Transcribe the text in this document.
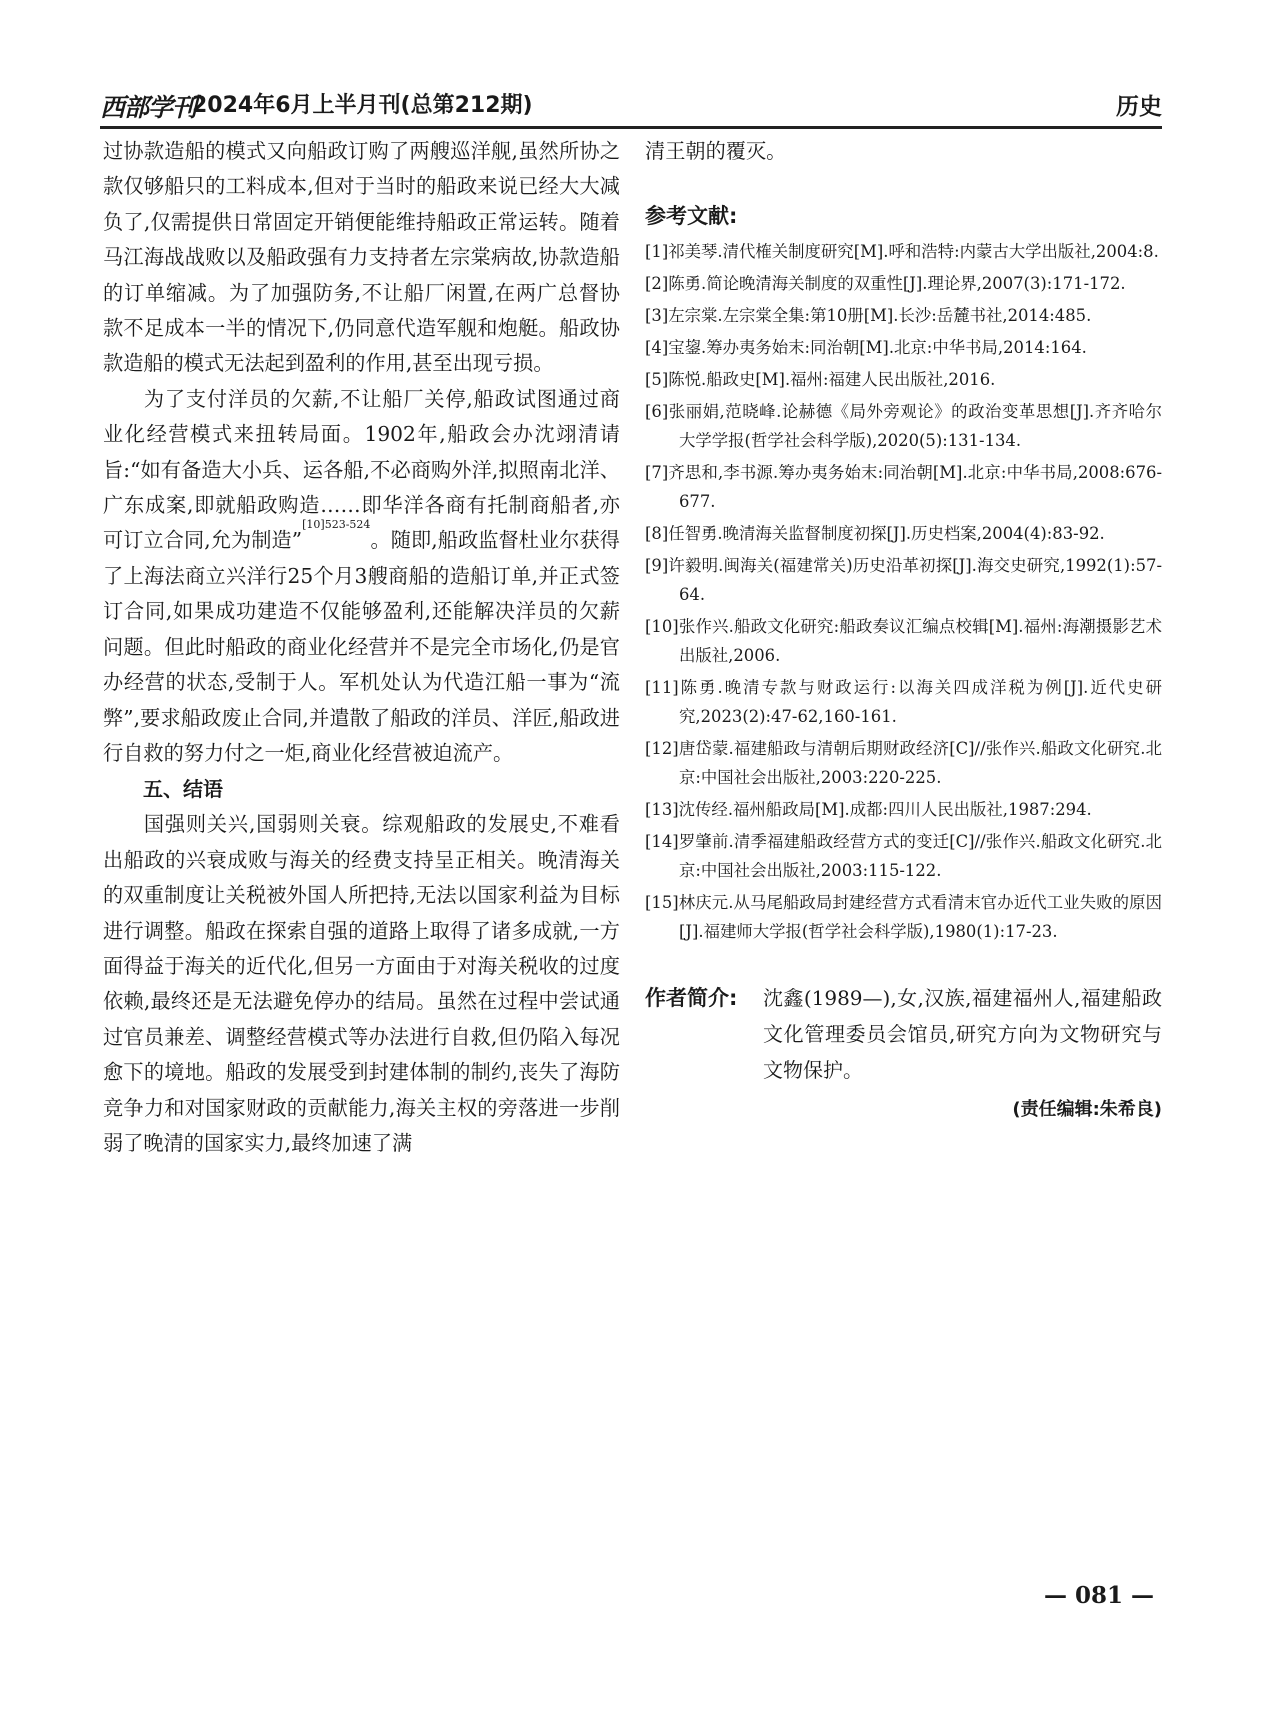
西部学刊
2024年6月上半月刊(总第212期)	历史

过协款造船的模式又向船政订购了两艘巡洋舰,虽然所协之款仅够船只的工料成本,但对于当时的船政来说已经大大减负了,仅需提供日常固定开销便能维持船政正常运转。随着马江海战战败以及船政强有力支持者左宗棠病故,协款造船的订单缩减。为了加强防务,不让船厂闲置,在两广总督协款不足成本一半的情况下,仍同意代造军舰和炮艇。船政协款造船的模式无法起到盈利的作用,甚至出现亏损。

为了支付洋员的欠薪,不让船厂关停,船政试图通过商业化经营模式来扭转局面。1902年,船政会办沈翊清请旨:“如有备造大小兵、运各船,不必商购外洋,拟照南北洋、广东成案,即就船政购造……即华洋各商有托制商船者,亦可订立合同,允为制造”$^{[10]523-524}$。随即,船政监督杜业尔获得了上海法商立兴洋行25个月3艘商船的造船订单,并正式签订合同,如果成功建造不仅能够盈利,还能解决洋员的欠薪问题。但此时船政的商业化经营并不是完全市场化,仍是官办经营的状态,受制于人。军机处认为代造江船一事为“流弊”,要求船政废止合同,并遣散了船政的洋员、洋匠,船政进行自救的努力付之一炬,商业化经营被迫流产。

五、结语

国强则关兴,国弱则关衰。综观船政的发展史,不难看出船政的兴衰成败与海关的经费支持呈正相关。晚清海关的双重制度让关税被外国人所把持,无法以国家利益为目标进行调整。船政在探索自强的道路上取得了诸多成就,一方面得益于海关的近代化,但另一方面由于对海关税收的过度依赖,最终还是无法避免停办的结局。虽然在过程中尝试通过官员兼差、调整经营模式等办法进行自救,但仍陷入每况愈下的境地。船政的发展受到封建体制的制约,丧失了海防竞争力和对国家财政的贡献能力,海关主权的旁落进一步削弱了晚清的国家实力,最终加速了满

清王朝的覆灭。

参考文献:
[1]祁美琴.清代榷关制度研究[M].呼和浩特:内蒙古大学出版社,2004:8.
[2]陈勇.简论晚清海关制度的双重性[J].理论界,2007(3):171-172.
[3]左宗棠.左宗棠全集:第10册[M].长沙:岳麓书社,2014:485.
[4]宝鋆.筹办夷务始末:同治朝[M].北京:中华书局,2014:164.
[5]陈悦.船政史[M].福州:福建人民出版社,2016.
[6]张丽娟,范晓峰.论赫德《局外旁观论》的政治变革思想[J].齐齐哈尔大学学报(哲学社会科学版),2020(5):131-134.
[7]齐思和,李书源.筹办夷务始末:同治朝[M].北京:中华书局,2008:676-677.
[8]任智勇.晚清海关监督制度初探[J].历史档案,2004(4):83-92.
[9]许毅明.闽海关(福建常关)历史沿革初探[J].海交史研究,1992(1):57-64.
[10]张作兴.船政文化研究:船政奏议汇编点校辑[M].福州:海潮摄影艺术出版社,2006.
[11]陈勇.晚清专款与财政运行:以海关四成洋税为例[J].近代史研究,2023(2):47-62,160-161.
[12]唐岱蒙.福建船政与清朝后期财政经济[C]//张作兴.船政文化研究.北京:中国社会出版社,2003:220-225.
[13]沈传经.福州船政局[M].成都:四川人民出版社,1987:294.
[14]罗肇前.清季福建船政经营方式的变迁[C]//张作兴.船政文化研究.北京:中国社会出版社,2003:115-122.
[15]林庆元.从马尾船政局封建经营方式看清末官办近代工业失败的原因[J].福建师大学报(哲学社会科学版),1980(1):17-23.
作者简介: 沈鑫(1989—),女,汉族,福建福州人,福建船政文化管理委员会馆员,研究方向为文物研究与文物保护。
(责任编辑:朱希良)
— 081 —
